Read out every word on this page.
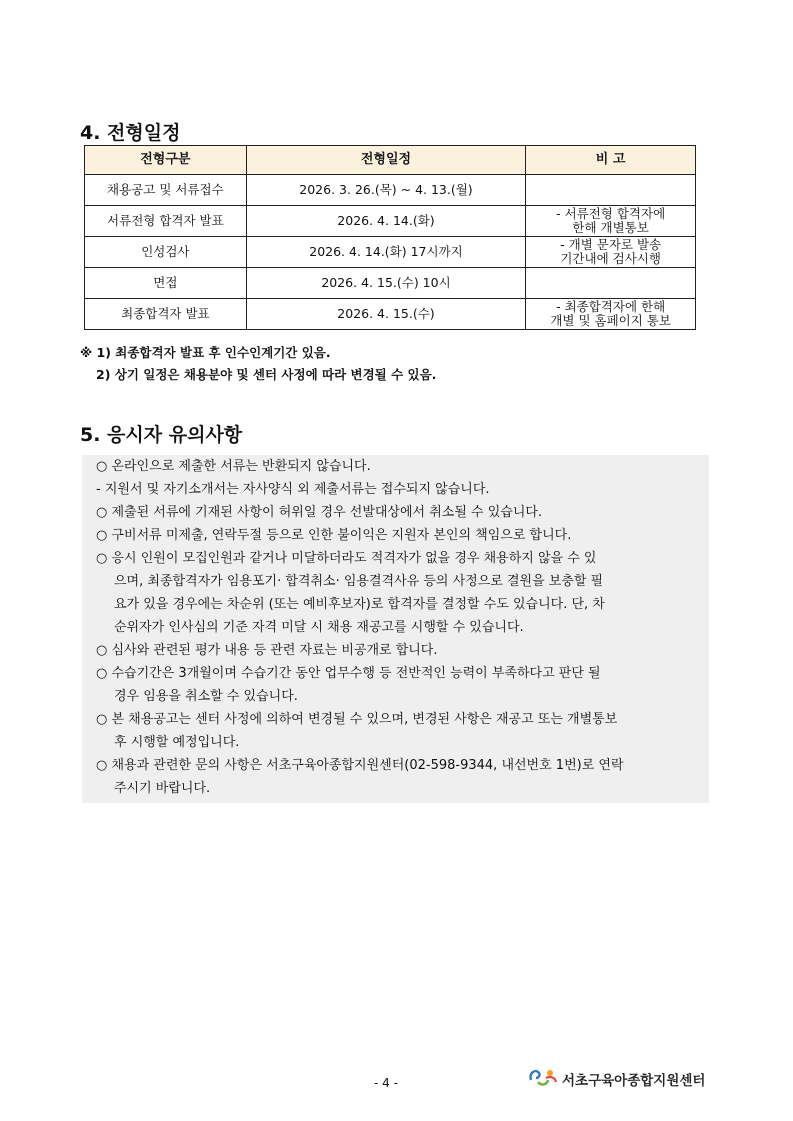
4. 전형일정
전형구분	전형일정	비 고
채용공고 및 서류접수	2026. 3. 26.(목) ~ 4. 13.(월)	
서류전형 합격자 발표	2026. 4. 14.(화)	- 서류전형 합격자에
한해 개별통보
인성검사	2026. 4. 14.(화) 17시까지	- 개별 문자로 발송
기간내에 검사시행
면접	2026. 4. 15.(수) 10시	
최종합격자 발표	2026. 4. 15.(수)	- 최종합격자에 한해
개별 및 홈페이지 통보
※ 1) 최종합격자 발표 후 인수인계기간 있음.
2) 상기 일정은 채용분야 및 센터 사정에 따라 변경될 수 있음.
5. 응시자 유의사항
○ 온라인으로 제출한 서류는 반환되지 않습니다.
- 지원서 및 자기소개서는 자사양식 외 제출서류는 접수되지 않습니다.
○ 제출된 서류에 기재된 사항이 허위일 경우 선발대상에서 취소될 수 있습니다.
○ 구비서류 미제출, 연락두절 등으로 인한 불이익은 지원자 본인의 책임으로 합니다.
○ 응시 인원이 모집인원과 같거나 미달하더라도 적격자가 없을 경우 채용하지 않을 수 있
으며, 최종합격자가 임용포기· 합격취소· 임용결격사유 등의 사정으로 결원을 보충할 필
요가 있을 경우에는 차순위 (또는 예비후보자)로 합격자를 결정할 수도 있습니다. 단, 차
순위자가 인사심의 기준 자격 미달 시 채용 재공고를 시행할 수 있습니다.
○ 심사와 관련된 평가 내용 등 관련 자료는 비공개로 합니다.
○ 수습기간은 3개월이며 수습기간 동안 업무수행 등 전반적인 능력이 부족하다고 판단 될
경우 임용을 취소할 수 있습니다.
○ 본 채용공고는 센터 사정에 의하여 변경될 수 있으며, 변경된 사항은 재공고 또는 개별통보
후 시행할 예정입니다.
○ 채용과 관련한 문의 사항은 서초구육아종합지원센터(02-598-9344, 내선번호 1번)로 연락
주시기 바랍니다.
- 4 -	서초구육아종합지원센터
